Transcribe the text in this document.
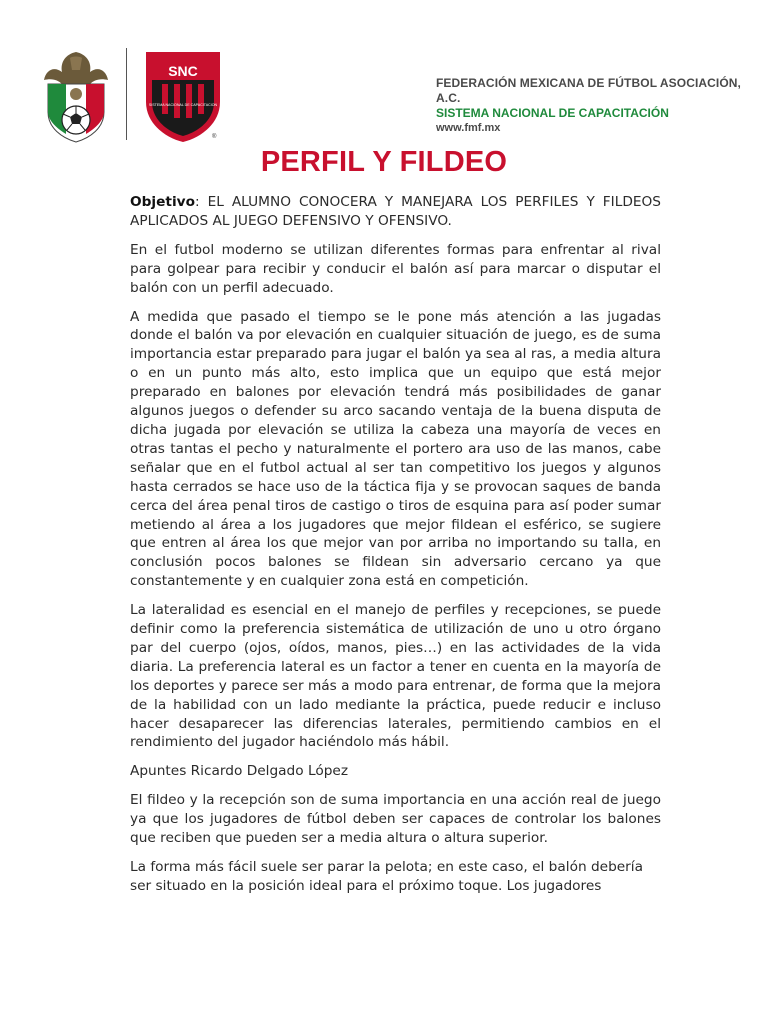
SNC
SISTEMA NACIONAL DE CAPACITACION
®
FEDERACIÓN MEXICANA DE FÚTBOL ASOCIACIÓN, A.C.
SISTEMA NACIONAL DE CAPACITACIÓN
www.fmf.mx
PERFIL Y FILDEO

Objetivo: EL ALUMNO CONOCERA Y MANEJARA LOS PERFILES Y FILDEOS APLICADOS AL JUEGO DEFENSIVO Y OFENSIVO.

En el futbol moderno se utilizan diferentes formas para enfrentar al rival para golpear para recibir y conducir el balón así para marcar o disputar el balón con un perfil adecuado.

A medida que pasado el tiempo se le pone más atención a las jugadas donde el balón va por elevación en cualquier situación de juego, es de suma importancia estar preparado para jugar el balón ya sea al ras, a media altura o en un punto más alto, esto implica que un equipo que está mejor preparado en balones por elevación tendrá más posibilidades de ganar algunos juegos o defender su arco sacando ventaja de la buena disputa de dicha jugada por elevación se utiliza la cabeza una mayoría de veces en otras tantas el pecho y naturalmente el portero ara uso de las manos, cabe señalar que en el futbol actual al ser tan competitivo los juegos y algunos hasta cerrados se hace uso de la táctica fija y se provocan saques de banda cerca del área penal tiros de castigo o tiros de esquina para así poder sumar metiendo al área a los jugadores que mejor fildean el esférico, se sugiere que entren al área los que mejor van por arriba no importando su talla, en conclusión pocos balones se fildean sin adversario cercano ya que constantemente y en cualquier zona está en competición.

La lateralidad es esencial en el manejo de perfiles y recepciones, se puede definir como la preferencia sistemática de utilización de uno u otro órgano par del cuerpo (ojos, oídos, manos, pies…) en las actividades de la vida diaria. La preferencia lateral es un factor a tener en cuenta en la mayoría de los deportes y parece ser más a modo para entrenar, de forma que la mejora de la habilidad con un lado mediante la práctica, puede reducir e incluso hacer desaparecer las diferencias laterales, permitiendo cambios en el rendimiento del jugador haciéndolo más hábil.

Apuntes Ricardo Delgado López

El fildeo y la recepción son de suma importancia en una acción real de juego ya que los jugadores de fútbol deben ser capaces de controlar los balones que reciben que pueden ser a media altura o altura superior.

La forma más fácil suele ser parar la pelota; en este caso, el balón debería ser situado en la posición ideal para el próximo toque. Los jugadores
